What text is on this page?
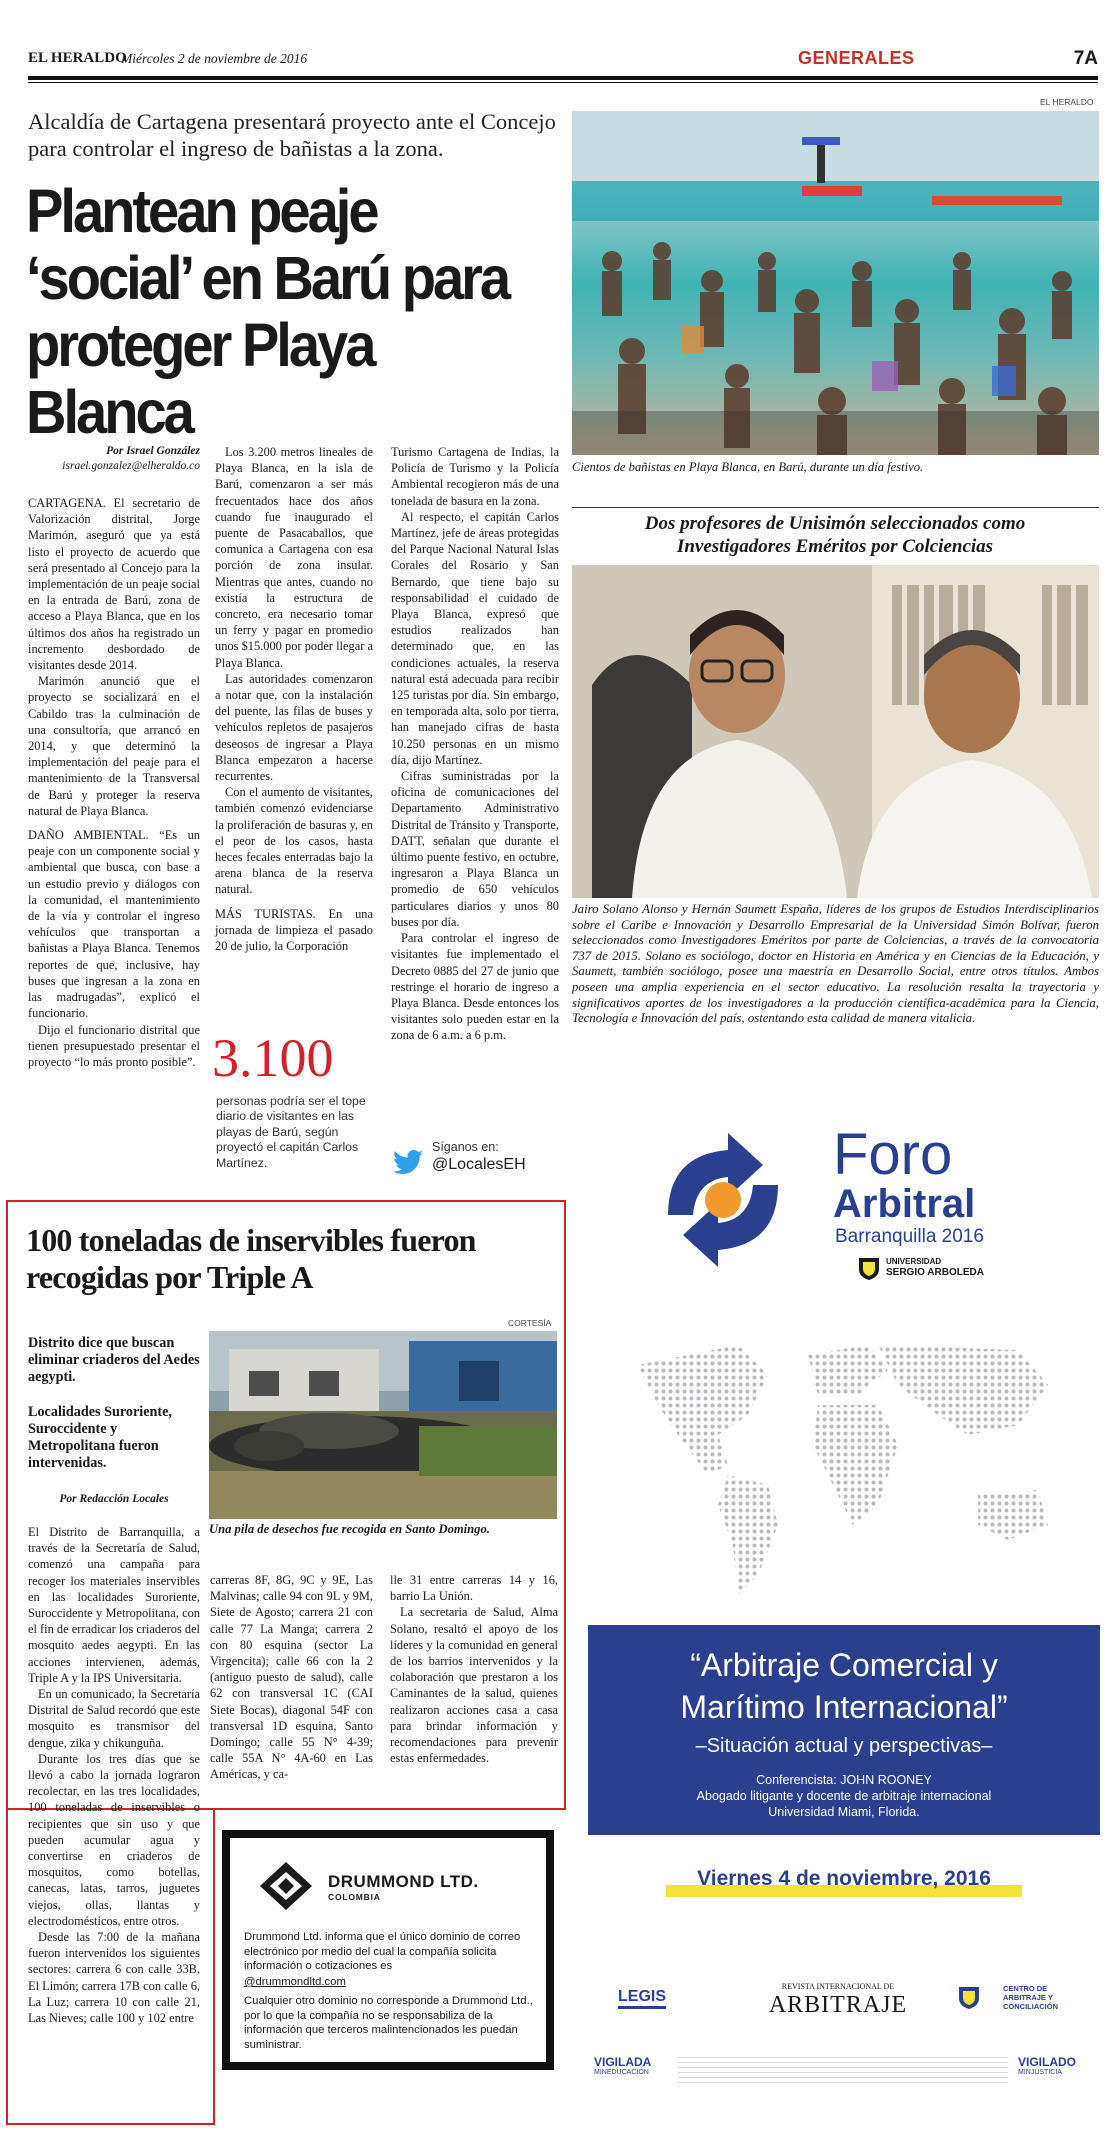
EL HERALDO
Miércoles 2 de noviembre de 2016	GENERALES	7A
Alcaldía de Cartagena presentará proyecto ante el Concejo para controlar el ingreso de bañistas a la zona.
Plantean peaje ‘social’ en Barú para proteger Playa Blanca
EL HERALDO
Cientos de bañistas en Playa Blanca, en Barú, durante un día festivo.
Por Israel González
israel.gonzalez@elheraldo.co

CARTAGENA. El secretario de Valorización distrital, Jorge Marimón, aseguró que ya está listo el proyecto de acuerdo que será presentado al Concejo para la implementación de un peaje social en la entrada de Barú, zona de acceso a Playa Blanca, que en los últimos dos años ha registrado un incremento desbordado de visitantes desde 2014.

Marimón anunció que el proyecto se socializará en el Cabildo tras la culminación de una consultoría, que arrancó en 2014, y que determinó la implementación del peaje para el mantenimiento de la Transversal de Barú y proteger la reserva natural de Playa Blanca.

DAÑO AMBIENTAL. “Es un peaje con un componente social y ambiental que busca, con base a un estudio previo y diálogos con la comunidad, el mantenimiento de la vía y controlar el ingreso vehículos que transportan a bañistas a Playa Blanca. Tenemos reportes de que, inclusive, hay buses que ingresan a la zona en las madrugadas”, explicó el funcionario.

Dijo el funcionario distrital que tienen presupuestado presentar el proyecto “lo más pronto posible”.

Los 3.200 metros lineales de Playa Blanca, en la isla de Barú, comenzaron a ser más frecuentados hace dos años cuando fue inaugurado el puente de Pasacaballos, que comunica a Cartagena con esa porción de zona insular. Mientras que antes, cuando no existía la estructura de concreto, era necesario tomar un ferry y pagar en promedio unos $15.000 por poder llegar a Playa Blanca.

Las autoridades comenzaron a notar que, con la instalación del puente, las filas de buses y vehículos repletos de pasajeros deseosos de ingresar a Playa Blanca empezaron a hacerse recurrentes.

Con el aumento de visitantes, también comenzó evidenciarse la proliferación de basuras y, en el peor de los casos, hasta heces fecales enterradas bajo la arena blanca de la reserva natural.

MÁS TURISTAS. En una jornada de limpieza el pasado 20 de julio, la Corporación

Turismo Cartagena de Indias, la Policía de Turismo y la Policía Ambiental recogieron más de una tonelada de basura en la zona.

Al respecto, el capitán Carlos Martínez, jefe de áreas protegidas del Parque Nacional Natural Islas Corales del Rosario y San Bernardo, que tiene bajo su responsabilidad el cuidado de Playa Blanca, expresó que estudios realizados han determinado que, en las condiciones actuales, la reserva natural está adecuada para recibir 125 turistas por día. Sin embargo, en temporada alta, solo por tierra, han manejado cifras de hasta 10.250 personas en un mismo día, dijo Martínez.

Cifras suministradas por la oficina de comunicaciones del Departamento Administrativo Distrital de Tránsito y Transporte, DATT, señalan que durante el último puente festivo, en octubre, ingresaron a Playa Blanca un promedio de 650 vehículos particulares diarios y unos 80 buses por día.

Para controlar el ingreso de visitantes fue implementado el Decreto 0885 del 27 de junio que restringe el horario de ingreso a Playa Blanca. Desde entonces los visitantes solo pueden estar en la zona de 6 a.m. a 6 p.m.

3.100
personas podría ser el tope diario de visitantes en las playas de Barú, según proyectó el capitán Carlos Martínez.
Síganos en:
@LocalesEH
Dos profesores de Unisimón seleccionados como Investigadores Eméritos por Colciencias
Jairo Solano Alonso y Hernán Saumett España, líderes de los grupos de Estudios Interdisciplinarios sobre el Caribe e Innovación y Desarrollo Empresarial de la Universidad Simón Bolívar, fueron seleccionados como Investigadores Eméritos por parte de Colciencias, a través de la convocatoria 737 de 2015. Solano es sociólogo, doctor en Historia en América y en Ciencias de la Educación, y Saumett, también sociólogo, posee una maestría en Desarrollo Social, entre otros títulos. Ambos poseen una amplia experiencia en el sector educativo. La resolución resalta la trayectoria y significativos aportes de los investigadores a la producción científica-académica para la Ciencia, Tecnología e Innovación del país, ostentando esta calidad de manera vitalicia.
100 toneladas de inservibles fueron recogidas por Triple A
CORTESÍA
Distrito dice que buscan eliminar criaderos del Aedes aegypti.
Localidades Suroriente, Suroccidente y Metropolitana fueron intervenidas.
Por Redacción Locales
Una pila de desechos fue recogida en Santo Domingo.

El Distrito de Barranquilla, a través de la Secretaría de Salud, comenzó una campaña para recoger los materiales inservibles en las localidades Suroriente, Suroccidente y Metropolitana, con el fin de erradicar los criaderos del mosquito aedes aegypti. En las acciones intervienen, además, Triple A y la IPS Universitaria.

En un comunicado, la Secretaría Distrital de Salud recordó que este mosquito es transmisor del dengue, zika y chikunguña.

Durante los tres días que se llevó a cabo la jornada lograron recolectar, en las tres localidades, 100 toneladas de inservibles o recipientes que sin uso y que pueden acumular agua y convertirse en criaderos de mosquitos, como botellas, canecas, latas, tarros, juguetes viejos, ollas, llantas y electrodomésticos, entre otros.

Desde las 7:00 de la mañana fueron intervenidos los siguientes sectores: carrera 6 con calle 33B, El Limón; carrera 17B con calle 6, La Luz; carrera 10 con calle 21, Las Nieves; calle 100 y 102 entre

carreras 8F, 8G, 9C y 9E, Las Malvinas; calle 94 con 9L y 9M, Siete de Agosto; carrera 21 con calle 77 La Manga; carrera 2 con 80 esquina (sector La Virgencita); calle 66 con la 2 (antiguo puesto de salud), calle 62 con transversal 1C (CAI Siete Bocas), diagonal 54F con transversal 1D esquina, Santo Domingo; calle 55 N° 4-39; calle 55A N° 4A-60 en Las Américas, y ca-

lle 31 entre carreras 14 y 16, barrio La Unión.

La secretaria de Salud, Alma Solano, resaltó el apoyo de los líderes y la comunidad en general de los barrios intervenidos y la colaboración que prestaron a los Caminantes de la salud, quienes realizaron acciones casa a casa para brindar información y recomendaciones para prevenir estas enfermedades.

DRUMMOND LTD.
COLOMBIA
Drummond Ltd. informa que el único dominio de correo electrónico por medio del cual la compañía solicita información o cotizaciones es
@drummondltd.com
Cualquier otro dominio no corresponde a Drummond Ltd., por lo que la compañía no se responsabiliza de la información que terceros malintencionados les puedan suministrar.
Foro
Arbitral
Barranquilla 2016
UNIVERSIDAD
SERGIO ARBOLEDA
“Arbitraje Comercial y
Marítimo Internacional”
–Situación actual y perspectivas–
Conferencista: JOHN ROONEY
Abogado litigante y docente de arbitraje internacional
Universidad Miami, Florida.
Viernes 4 de noviembre, 2016
LEGIS
REVISTA INTERNACIONAL DE
ARBITRAJE
CENTRO DE ARBITRAJE Y CONCILIACIÓN
VIGILADA
MINEDUCACIÓN
VIGILADO
MINJUSTICIA
